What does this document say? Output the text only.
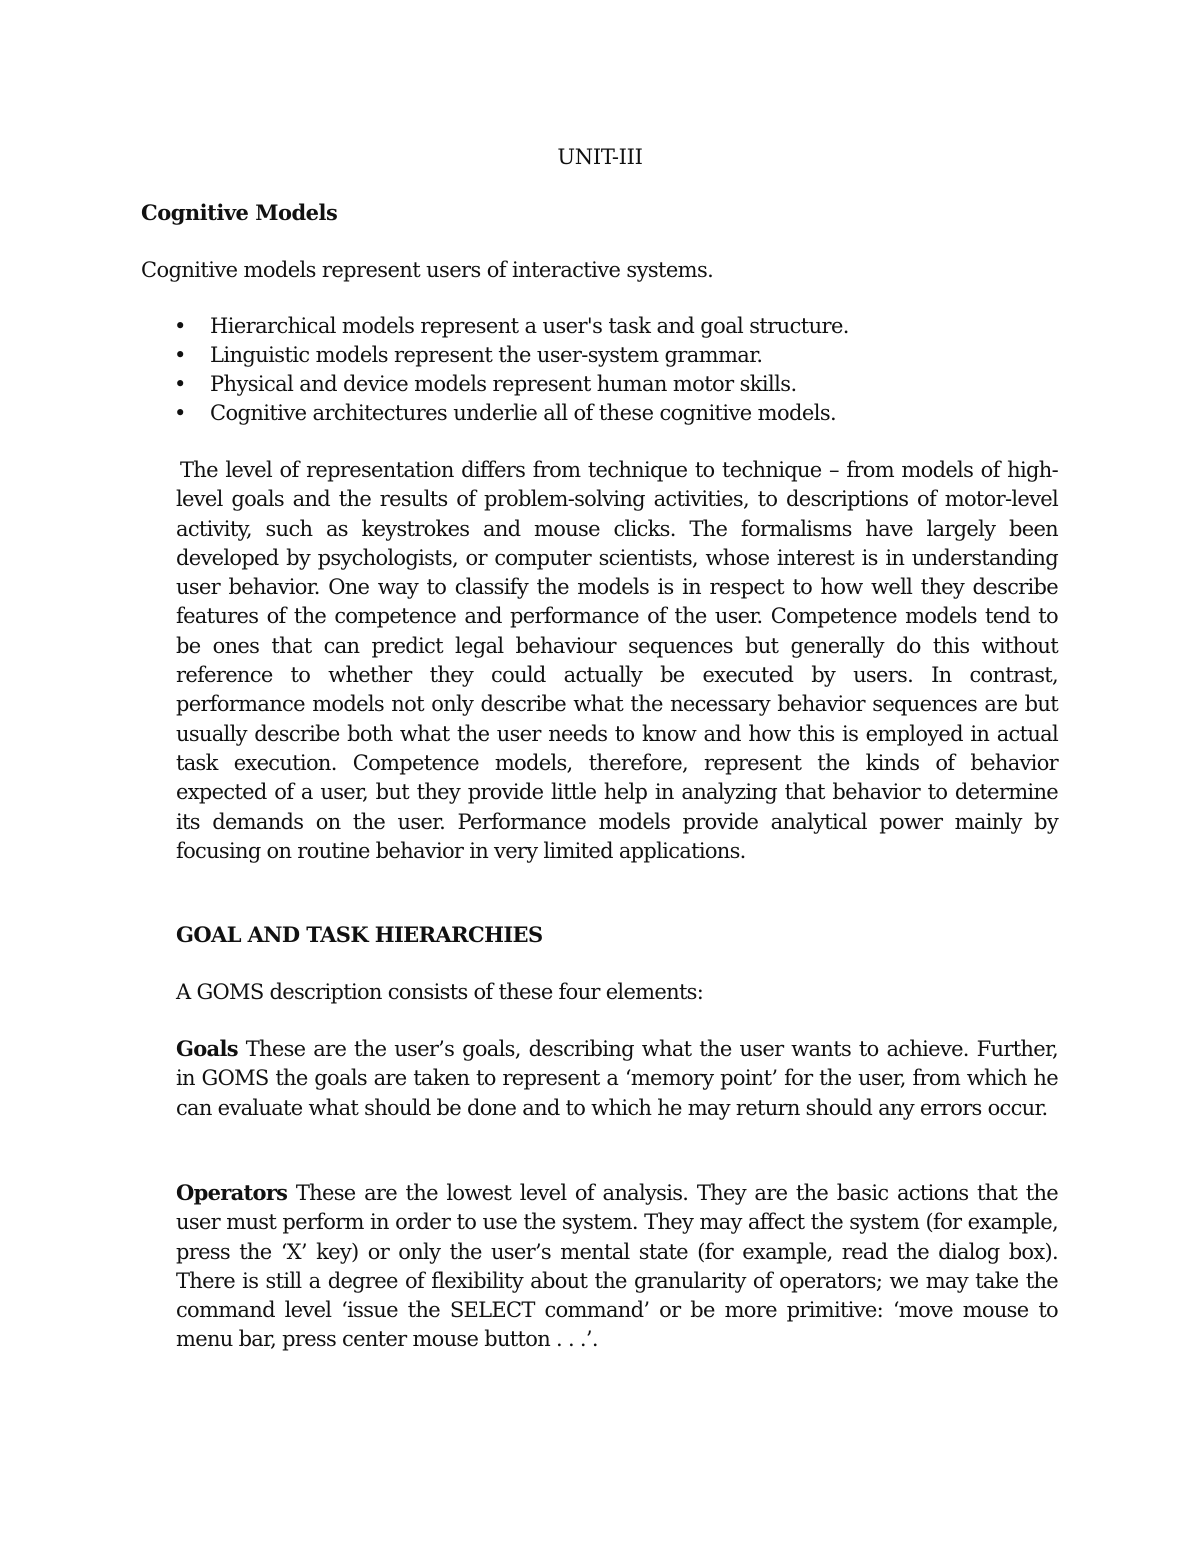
UNIT-III
Cognitive Models
Cognitive models represent users of interactive systems.
• Hierarchical models represent a user's task and goal structure.
• Linguistic models represent the user-system grammar.
• Physical and device models represent human motor skills.
• Cognitive architectures underlie all of these cognitive models.

The level of representation differs from technique to technique – from models of high-level goals and the results of problem-solving activities, to descriptions of motor-level activity, such as keystrokes and mouse clicks. The formalisms have largely been developed by psychologists, or computer scientists, whose interest is in understanding user behavior. One way to classify the models is in respect to how well they describe features of the competence and performance of the user. Competence models tend to be ones that can predict legal behaviour sequences but generally do this without reference to whether they could actually be executed by users. In contrast, performance models not only describe what the necessary behavior sequences are but usually describe both what the user needs to know and how this is employed in actual task execution. Competence models, therefore, represent the kinds of behavior expected of a user, but they provide little help in analyzing that behavior to determine its demands on the user. Performance models provide analytical power mainly by focusing on routine behavior in very limited applications.

GOAL AND TASK HIERARCHIES

A GOMS description consists of these four elements:

Goals These are the user’s goals, describing what the user wants to achieve. Further, in GOMS the goals are taken to represent a ‘memory point’ for the user, from which he can evaluate what should be done and to which he may return should any errors occur.

Operators These are the lowest level of analysis. They are the basic actions that the user must perform in order to use the system. They may affect the system (for example, press the ‘X’ key) or only the user’s mental state (for example, read the dialog box). There is still a degree of flexibility about the granularity of operators; we may take the command level ‘issue the SELECT command’ or be more primitive: ‘move mouse to menu bar, press center mouse button . . .’.
